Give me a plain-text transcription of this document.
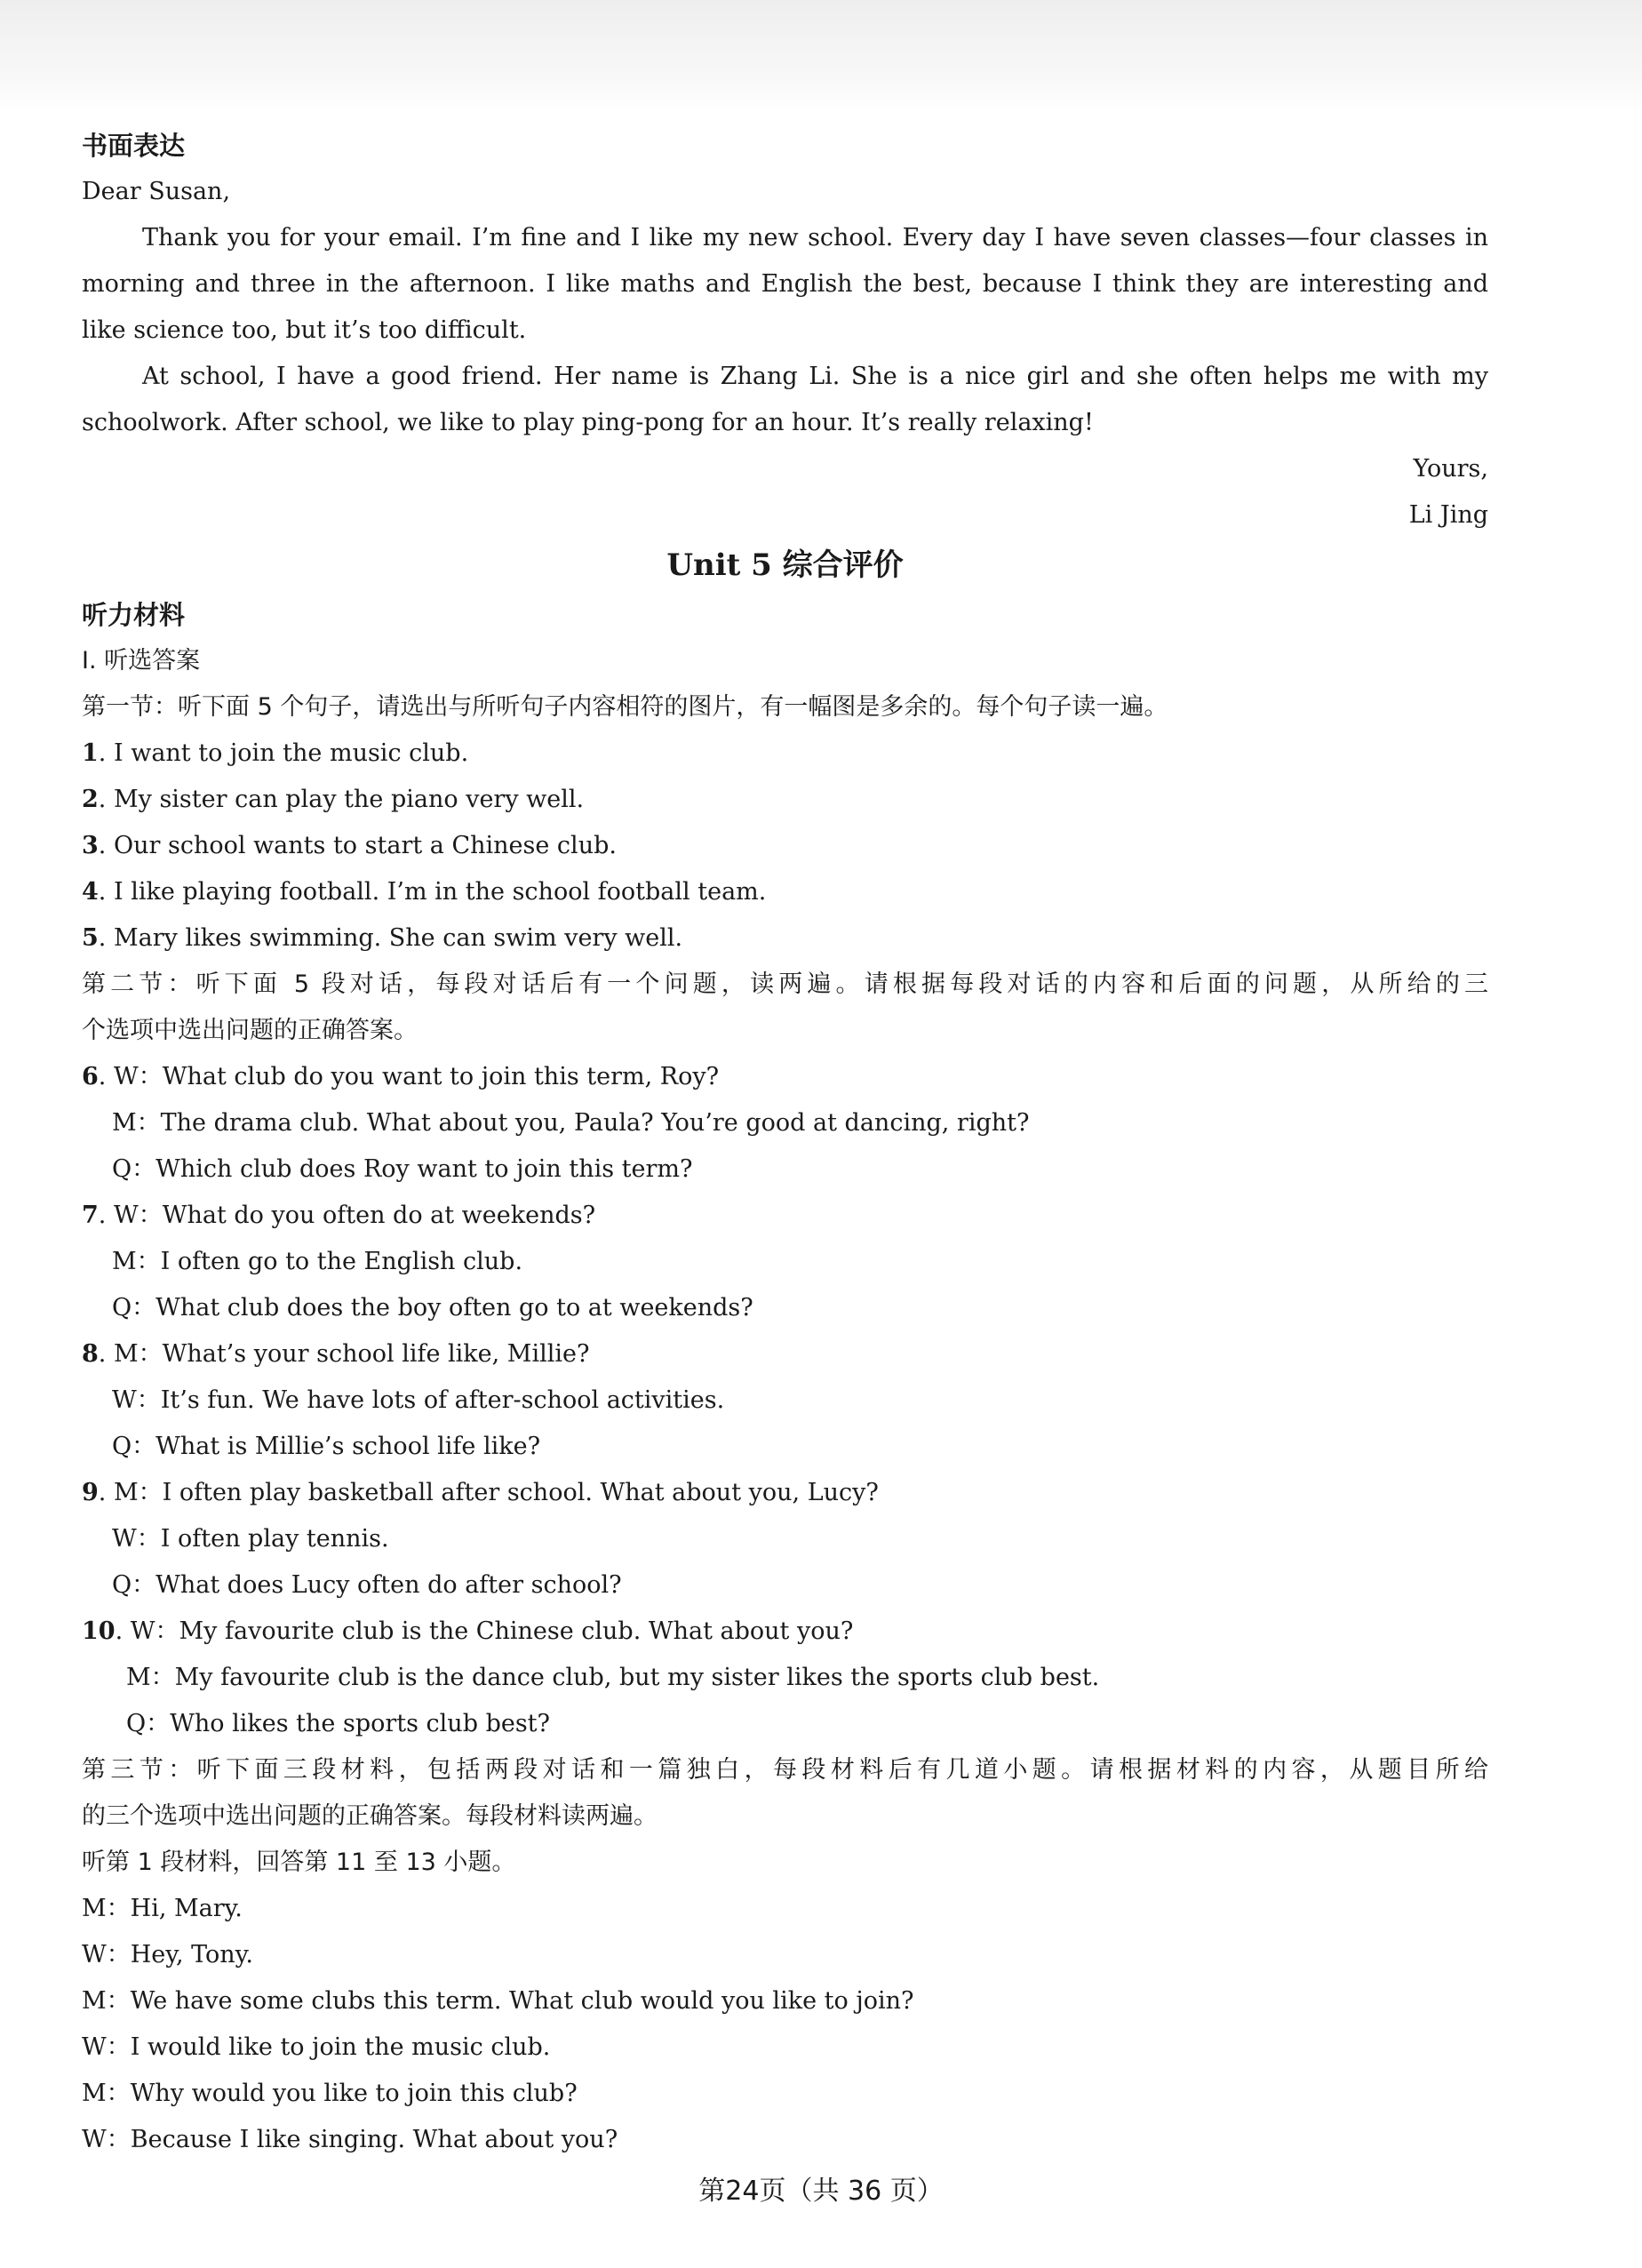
书面表达
Dear Susan,
Thank you for your email. I’m fine and I like my new school. Every day I have seven classes—four classes in
morning and three in the afternoon. I like maths and English the best, because I think they are interesting and
like science too, but it’s too difficult.
At school, I have a good friend. Her name is Zhang Li. She is a nice girl and she often helps me with my
schoolwork. After school, we like to play ping-pong for an hour. It’s really relaxing!
Yours,
Li Jing
Unit 5 综合评价
听力材料
Ⅰ. 听选答案
第一节：听下面 5 个句子，请选出与所听句子内容相符的图片，有一幅图是多余的。每个句子读一遍。
1. I want to join the music club.
2. My sister can play the piano very well.
3. Our school wants to start a Chinese club.
4. I like playing football. I’m in the school football team.
5. Mary likes swimming. She can swim very well.
第二节：听下面 5 段对话，每段对话后有一个问题，读两遍。请根据每段对话的内容和后面的问题，从所给的三
个选项中选出问题的正确答案。
6. W：What club do you want to join this term, Roy?
M：The drama club. What about you, Paula? You’re good at dancing, right?
Q：Which club does Roy want to join this term?
7. W：What do you often do at weekends?
M：I often go to the English club.
Q：What club does the boy often go to at weekends?
8. M：What’s your school life like, Millie?
W：It’s fun. We have lots of after-school activities.
Q：What is Millie’s school life like?
9. M：I often play basketball after school. What about you, Lucy?
W：I often play tennis.
Q：What does Lucy often do after school?
10. W：My favourite club is the Chinese club. What about you?
M：My favourite club is the dance club, but my sister likes the sports club best.
Q：Who likes the sports club best?
第三节：听下面三段材料，包括两段对话和一篇独白，每段材料后有几道小题。请根据材料的内容，从题目所给
的三个选项中选出问题的正确答案。每段材料读两遍。
听第 1 段材料，回答第 11 至 13 小题。
M：Hi, Mary.
W：Hey, Tony.
M：We have some clubs this term. What club would you like to join?
W：I would like to join the music club.
M：Why would you like to join this club?
W：Because I like singing. What about you?
第24页（共 36 页）
